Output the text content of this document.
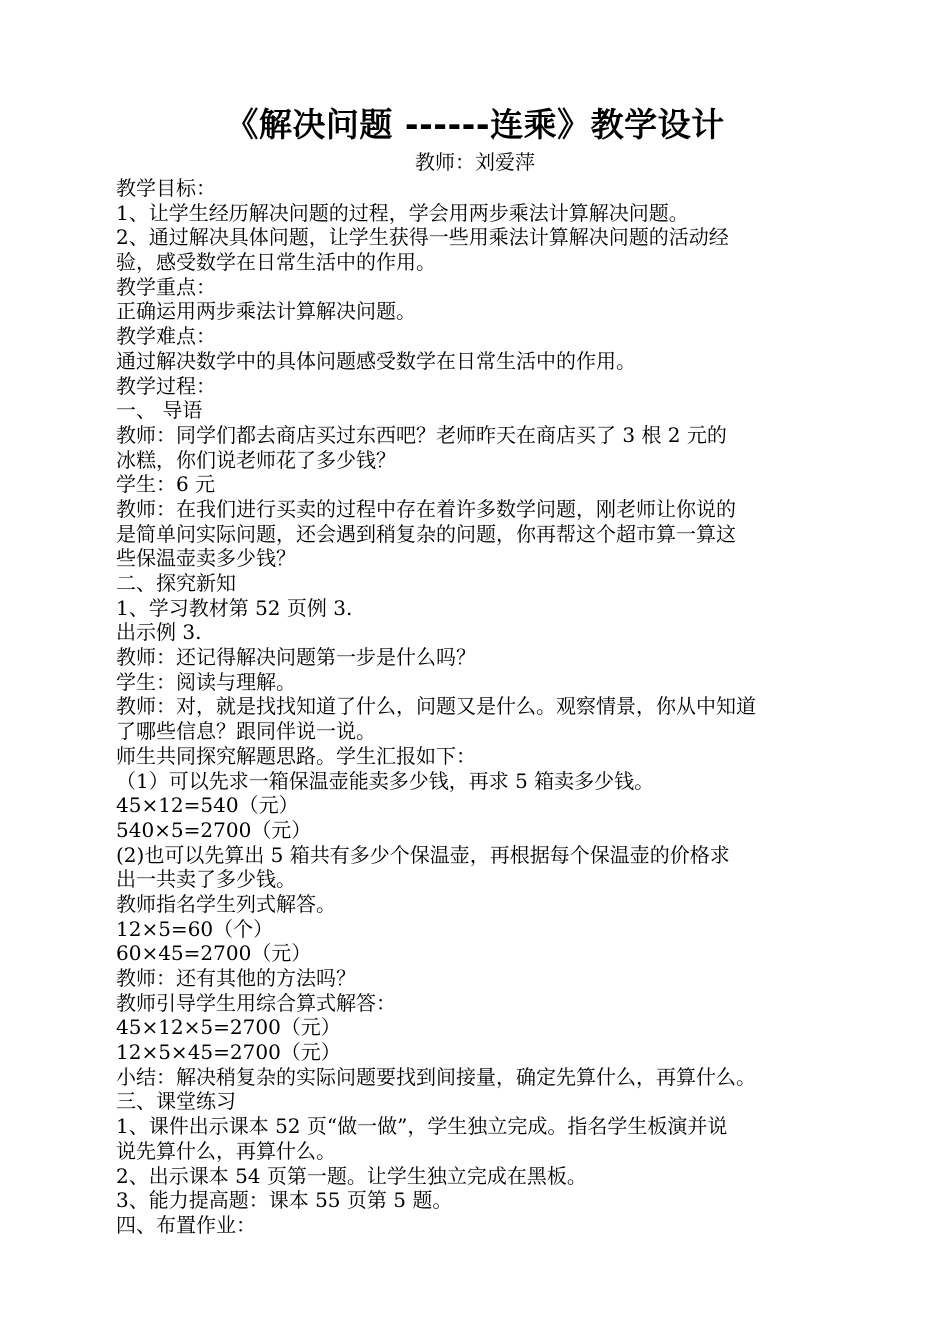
《解决问题 ------连乘》教学设计
教师：刘爱萍
教学目标：
1、让学生经历解决问题的过程，学会用两步乘法计算解决问题。
2、通过解决具体问题，让学生获得一些用乘法计算解决问题的活动经
验，感受数学在日常生活中的作用。
教学重点：
正确运用两步乘法计算解决问题。
教学难点：
通过解决数学中的具体问题感受数学在日常生活中的作用。
教学过程：
一、 导语
教师：同学们都去商店买过东西吧？老师昨天在商店买了 3 根 2 元的
冰糕，你们说老师花了多少钱？
学生：6 元
教师：在我们进行买卖的过程中存在着许多数学问题，刚老师让你说的
是简单问实际问题，还会遇到稍复杂的问题，你再帮这个超市算一算这
些保温壶卖多少钱？
二、探究新知
1、学习教材第 52 页例 3.
出示例 3.
教师：还记得解决问题第一步是什么吗？
学生：阅读与理解。
教师：对，就是找找知道了什么，问题又是什么。观察情景，你从中知道
了哪些信息？跟同伴说一说。
师生共同探究解题思路。学生汇报如下：
（1）可以先求一箱保温壶能卖多少钱，再求 5 箱卖多少钱。
45×12=540（元）
540×5=2700（元）
(2)也可以先算出 5 箱共有多少个保温壶，再根据每个保温壶的价格求
出一共卖了多少钱。
教师指名学生列式解答。
12×5=60（个）
60×45=2700（元）
教师：还有其他的方法吗？
教师引导学生用综合算式解答：
45×12×5=2700（元）
12×5×45=2700（元）
小结：解决稍复杂的实际问题要找到间接量，确定先算什么，再算什么。
三、课堂练习
1、课件出示课本 52 页“做一做”，学生独立完成。指名学生板演并说
说先算什么，再算什么。
2、出示课本 54 页第一题。让学生独立完成在黑板。
3、能力提高题：课本 55 页第 5 题。
四、布置作业：
